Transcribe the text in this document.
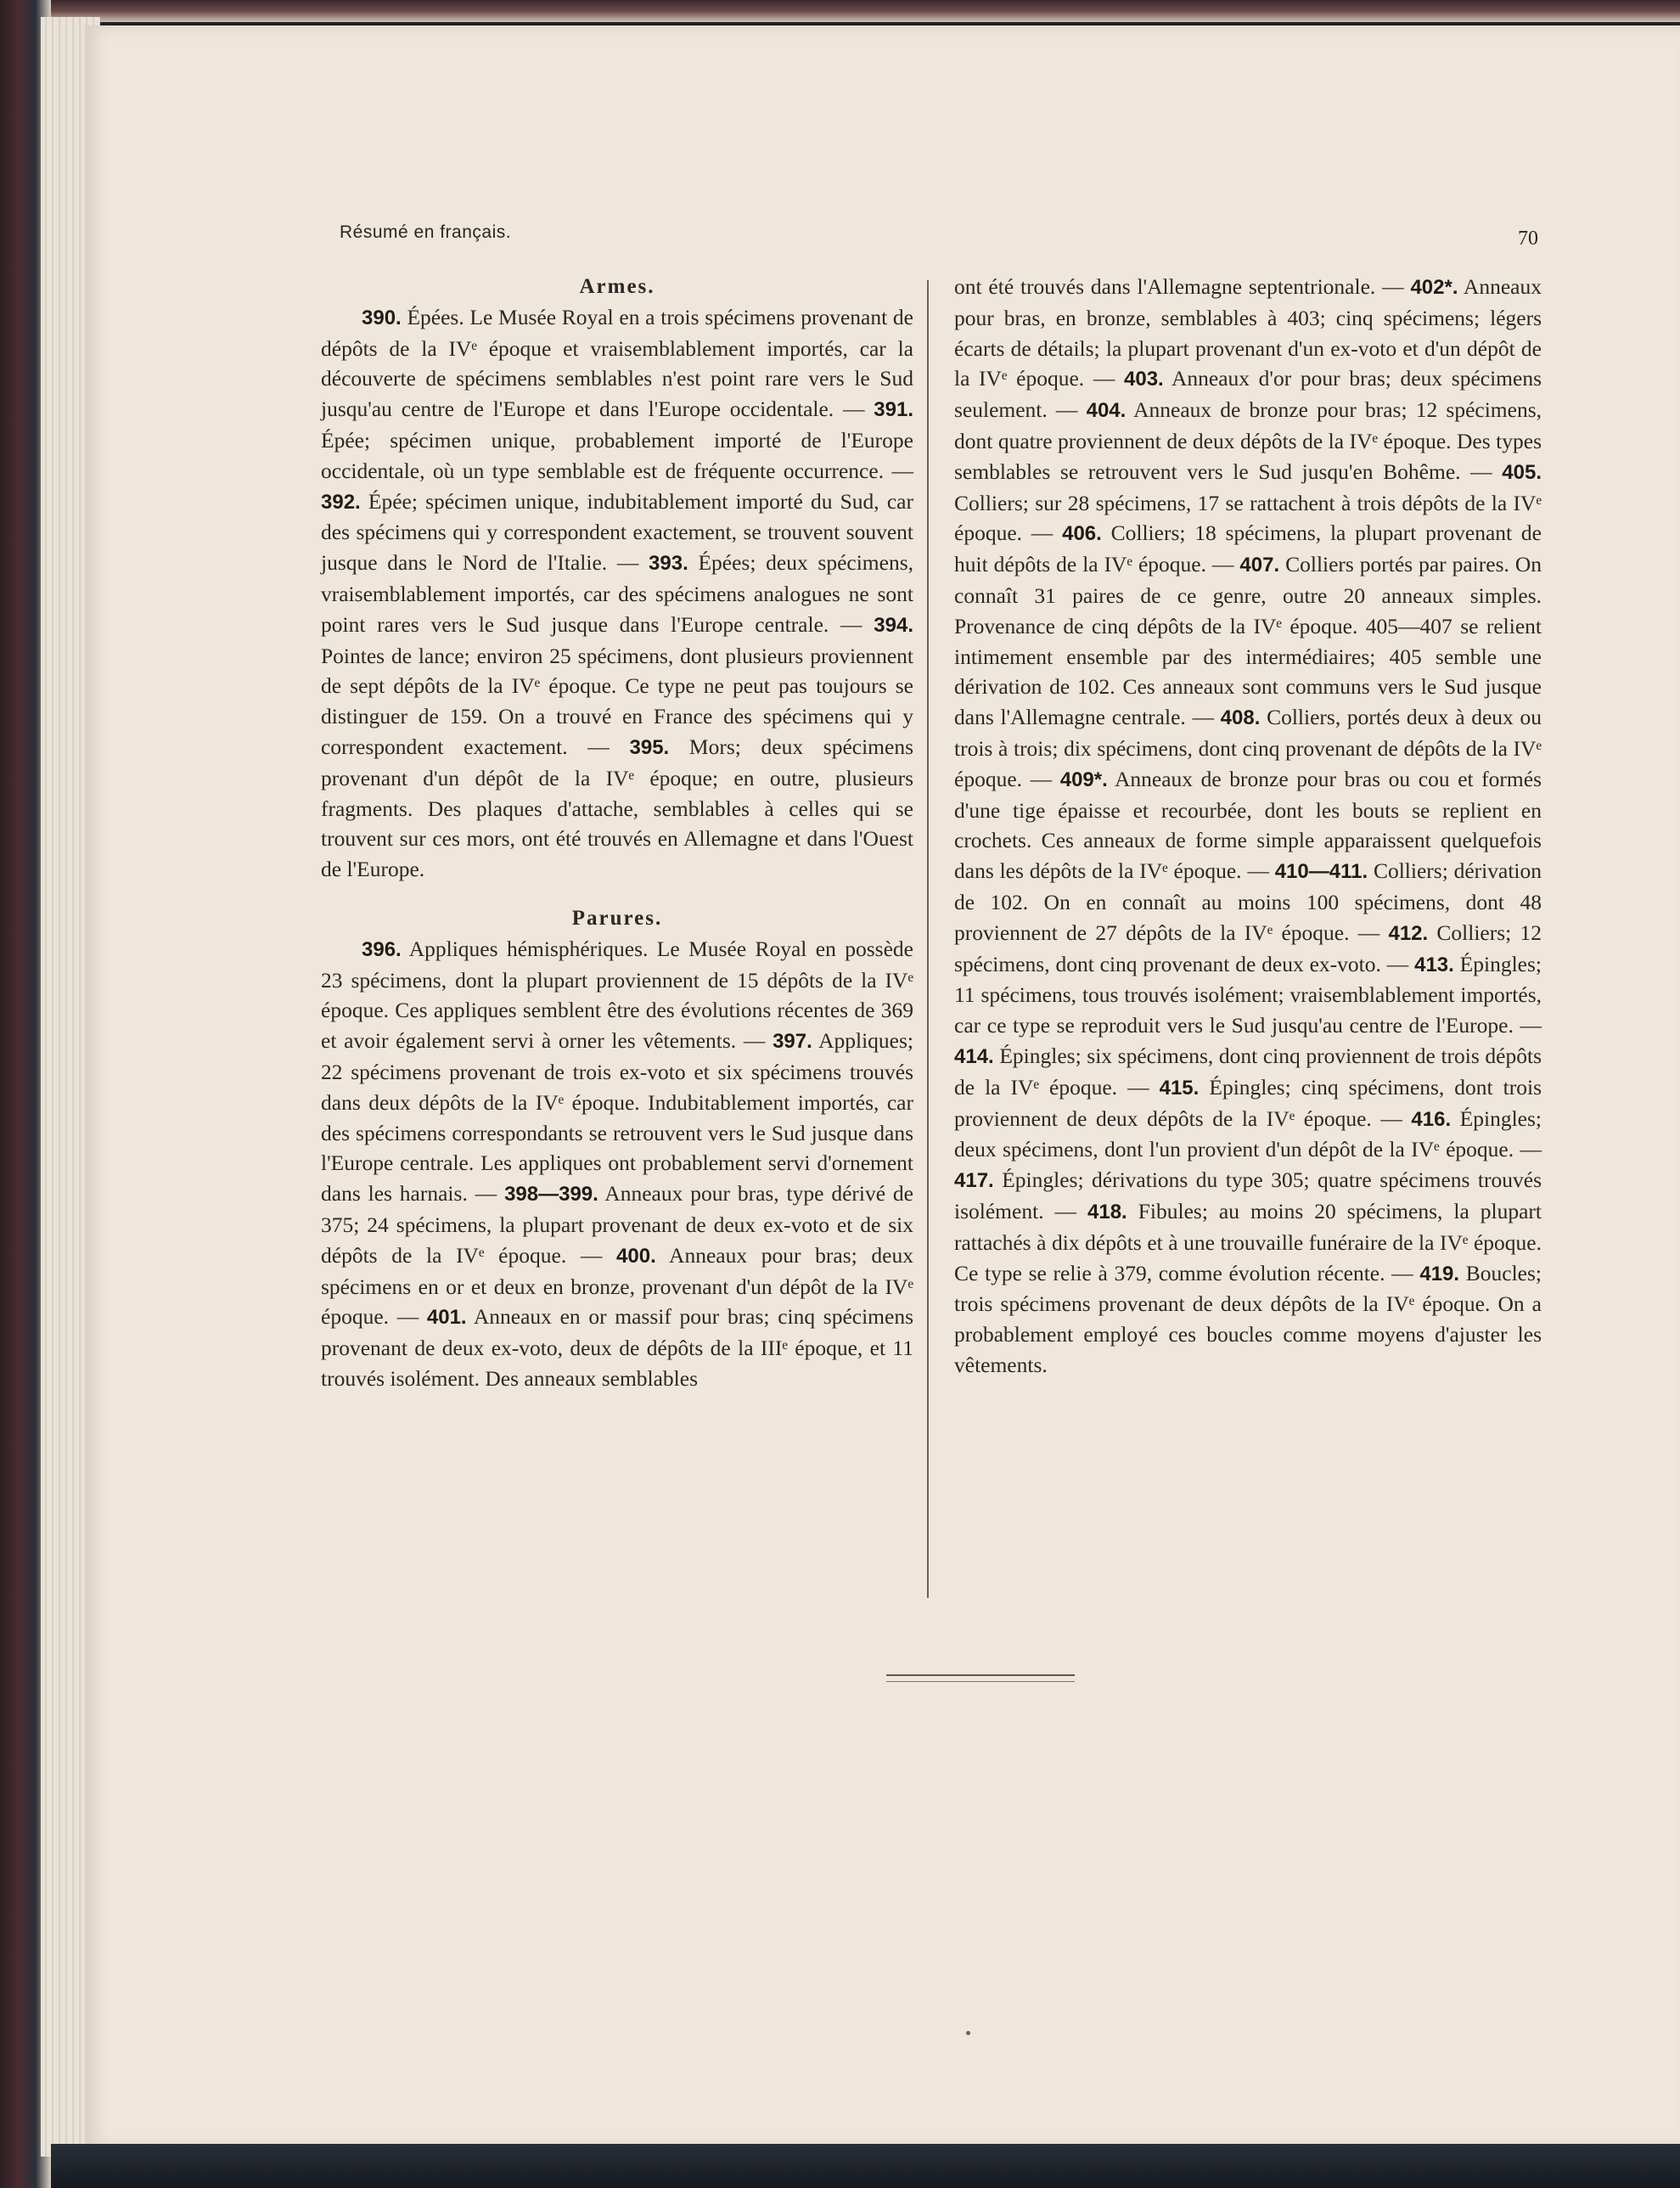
Résumé en français.	70
Armes.

390. Épées. Le Musée Royal en a trois spécimens provenant de dépôts de la IVᵉ époque et vraisemblablement importés, car la découverte de spécimens semblables n'est point rare vers le Sud jusqu'au centre de l'Europe et dans l'Europe occidentale. — 391. Épée; spécimen unique, probablement importé de l'Europe occidentale, où un type semblable est de fréquente occurrence. — 392. Épée; spécimen unique, indubitablement importé du Sud, car des spécimens qui y correspondent exactement, se trouvent souvent jusque dans le Nord de l'Italie. — 393. Épées; deux spécimens, vraisemblablement importés, car des spécimens analogues ne sont point rares vers le Sud jusque dans l'Europe centrale. — 394. Pointes de lance; environ 25 spécimens, dont plusieurs proviennent de sept dépôts de la IVᵉ époque. Ce type ne peut pas toujours se distinguer de 159. On a trouvé en France des spécimens qui y correspondent exactement. — 395. Mors; deux spécimens provenant d'un dépôt de la IVᵉ époque; en outre, plusieurs fragments. Des plaques d'attache, semblables à celles qui se trouvent sur ces mors, ont été trouvés en Allemagne et dans l'Ouest de l'Europe.

Parures.

396. Appliques hémisphériques. Le Musée Royal en possède 23 spécimens, dont la plupart proviennent de 15 dépôts de la IVᵉ époque. Ces appliques semblent être des évolutions récentes de 369 et avoir également servi à orner les vêtements. — 397. Appliques; 22 spécimens provenant de trois ex-voto et six spécimens trouvés dans deux dépôts de la IVᵉ époque. Indubitablement importés, car des spécimens correspondants se retrouvent vers le Sud jusque dans l'Europe centrale. Les appliques ont probablement servi d'ornement dans les harnais. — 398—399. Anneaux pour bras, type dérivé de 375; 24 spécimens, la plupart provenant de deux ex-voto et de six dépôts de la IVᵉ époque. — 400. Anneaux pour bras; deux spécimens en or et deux en bronze, provenant d'un dépôt de la IVᵉ époque. — 401. Anneaux en or massif pour bras; cinq spécimens provenant de deux ex-voto, deux de dépôts de la IIIᵉ époque, et 11 trouvés isolément. Des anneaux semblables

ont été trouvés dans l'Allemagne septentrionale. — 402*. Anneaux pour bras, en bronze, semblables à 403; cinq spécimens; légers écarts de détails; la plupart provenant d'un ex-voto et d'un dépôt de la IVᵉ époque. — 403. Anneaux d'or pour bras; deux spécimens seulement. — 404. Anneaux de bronze pour bras; 12 spécimens, dont quatre proviennent de deux dépôts de la IVᵉ époque. Des types semblables se retrouvent vers le Sud jusqu'en Bohême. — 405. Colliers; sur 28 spécimens, 17 se rattachent à trois dépôts de la IVᵉ époque. — 406. Colliers; 18 spécimens, la plupart provenant de huit dépôts de la IVᵉ époque. — 407. Colliers portés par paires. On connaît 31 paires de ce genre, outre 20 anneaux simples. Provenance de cinq dépôts de la IVᵉ époque. 405—407 se relient intimement ensemble par des intermédiaires; 405 semble une dérivation de 102. Ces anneaux sont communs vers le Sud jusque dans l'Allemagne centrale. — 408. Colliers, portés deux à deux ou trois à trois; dix spécimens, dont cinq provenant de dépôts de la IVᵉ époque. — 409*. Anneaux de bronze pour bras ou cou et formés d'une tige épaisse et recourbée, dont les bouts se replient en crochets. Ces anneaux de forme simple apparaissent quelquefois dans les dépôts de la IVᵉ époque. — 410—411. Colliers; dérivation de 102. On en connaît au moins 100 spécimens, dont 48 proviennent de 27 dépôts de la IVᵉ époque. — 412. Colliers; 12 spécimens, dont cinq provenant de deux ex-voto. — 413. Épingles; 11 spécimens, tous trouvés isolément; vraisemblablement importés, car ce type se reproduit vers le Sud jusqu'au centre de l'Europe. — 414. Épingles; six spécimens, dont cinq proviennent de trois dépôts de la IVᵉ époque. — 415. Épingles; cinq spécimens, dont trois proviennent de deux dépôts de la IVᵉ époque. — 416. Épingles; deux spécimens, dont l'un provient d'un dépôt de la IVᵉ époque. — 417. Épingles; dérivations du type 305; quatre spécimens trouvés isolément. — 418. Fibules; au moins 20 spécimens, la plupart rattachés à dix dépôts et à une trouvaille funéraire de la IVᵉ époque. Ce type se relie à 379, comme évolution récente. — 419. Boucles; trois spécimens provenant de deux dépôts de la IVᵉ époque. On a probablement employé ces boucles comme moyens d'ajuster les vêtements.
